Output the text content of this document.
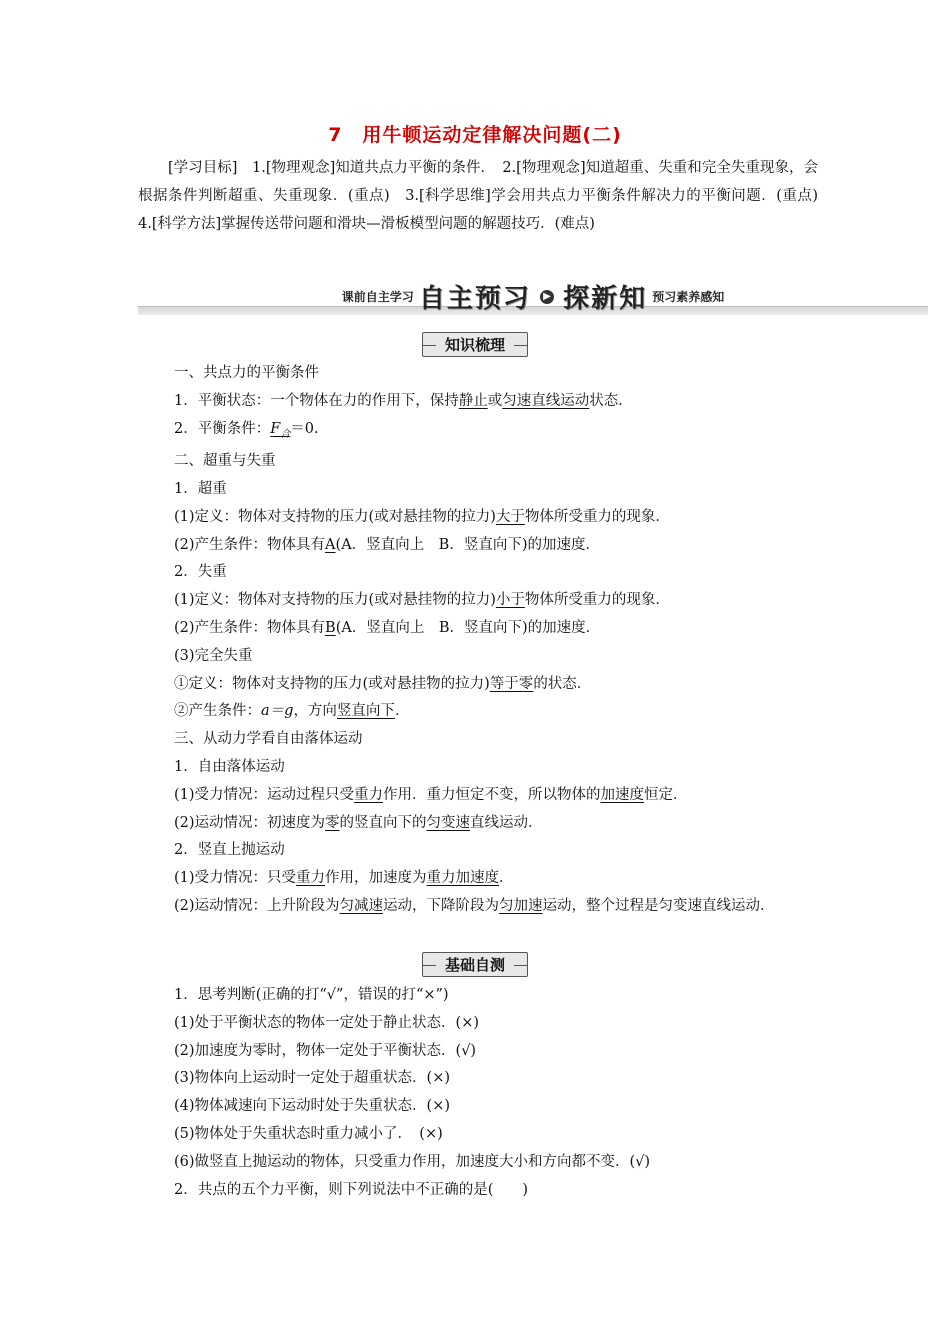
7　用牛顿运动定律解决问题(二)
[学习目标]　1.[物理观念]知道共点力平衡的条件．　2.[物理观念]知道超重、失重和完全失重现象，会根据条件判断超重、失重现象．(重点)　3.[科学思维]学会用共点力平衡条件解决力的平衡问题．(重点)　4.[科学方法]掌握传送带问题和滑块—滑板模型问题的解题技巧．(难点)
课前自主学习 自主预习 ▶ 探新知 预习素养感知
知识梳理

一、共点力的平衡条件

1．平衡状态：一个物体在力的作用下，保持静止或匀速直线运动状态．

2．平衡条件：$F_合=0$.

二、超重与失重

1．超重

(1)定义：物体对支持物的压力(或对悬挂物的拉力)大于物体所受重力的现象．

(2)产生条件：物体具有A(A．竖直向上　B．竖直向下)的加速度．

2．失重

(1)定义：物体对支持物的压力(或对悬挂物的拉力)小于物体所受重力的现象．

(2)产生条件：物体具有B(A．竖直向上　B．竖直向下)的加速度．

(3)完全失重

①定义：物体对支持物的压力(或对悬挂物的拉力)等于零的状态．

②产生条件：a＝g，方向竖直向下．

三、从动力学看自由落体运动

1．自由落体运动

(1)受力情况：运动过程只受重力作用．重力恒定不变，所以物体的加速度恒定．

(2)运动情况：初速度为零的竖直向下的匀变速直线运动．

2．竖直上抛运动

(1)受力情况：只受重力作用，加速度为重力加速度．

(2)运动情况：上升阶段为匀减速运动，下降阶段为匀加速运动，整个过程是匀变速直线运动．

基础自测

1．思考判断(正确的打“√”，错误的打“×”)

(1)处于平衡状态的物体一定处于静止状态．(×)

(2)加速度为零时，物体一定处于平衡状态．(√)

(3)物体向上运动时一定处于超重状态．(×)

(4)物体减速向下运动时处于失重状态．(×)

(5)物体处于失重状态时重力减小了．　(×)

(6)做竖直上抛运动的物体，只受重力作用，加速度大小和方向都不变．(√)

2．共点的五个力平衡，则下列说法中不正确的是(　　)
